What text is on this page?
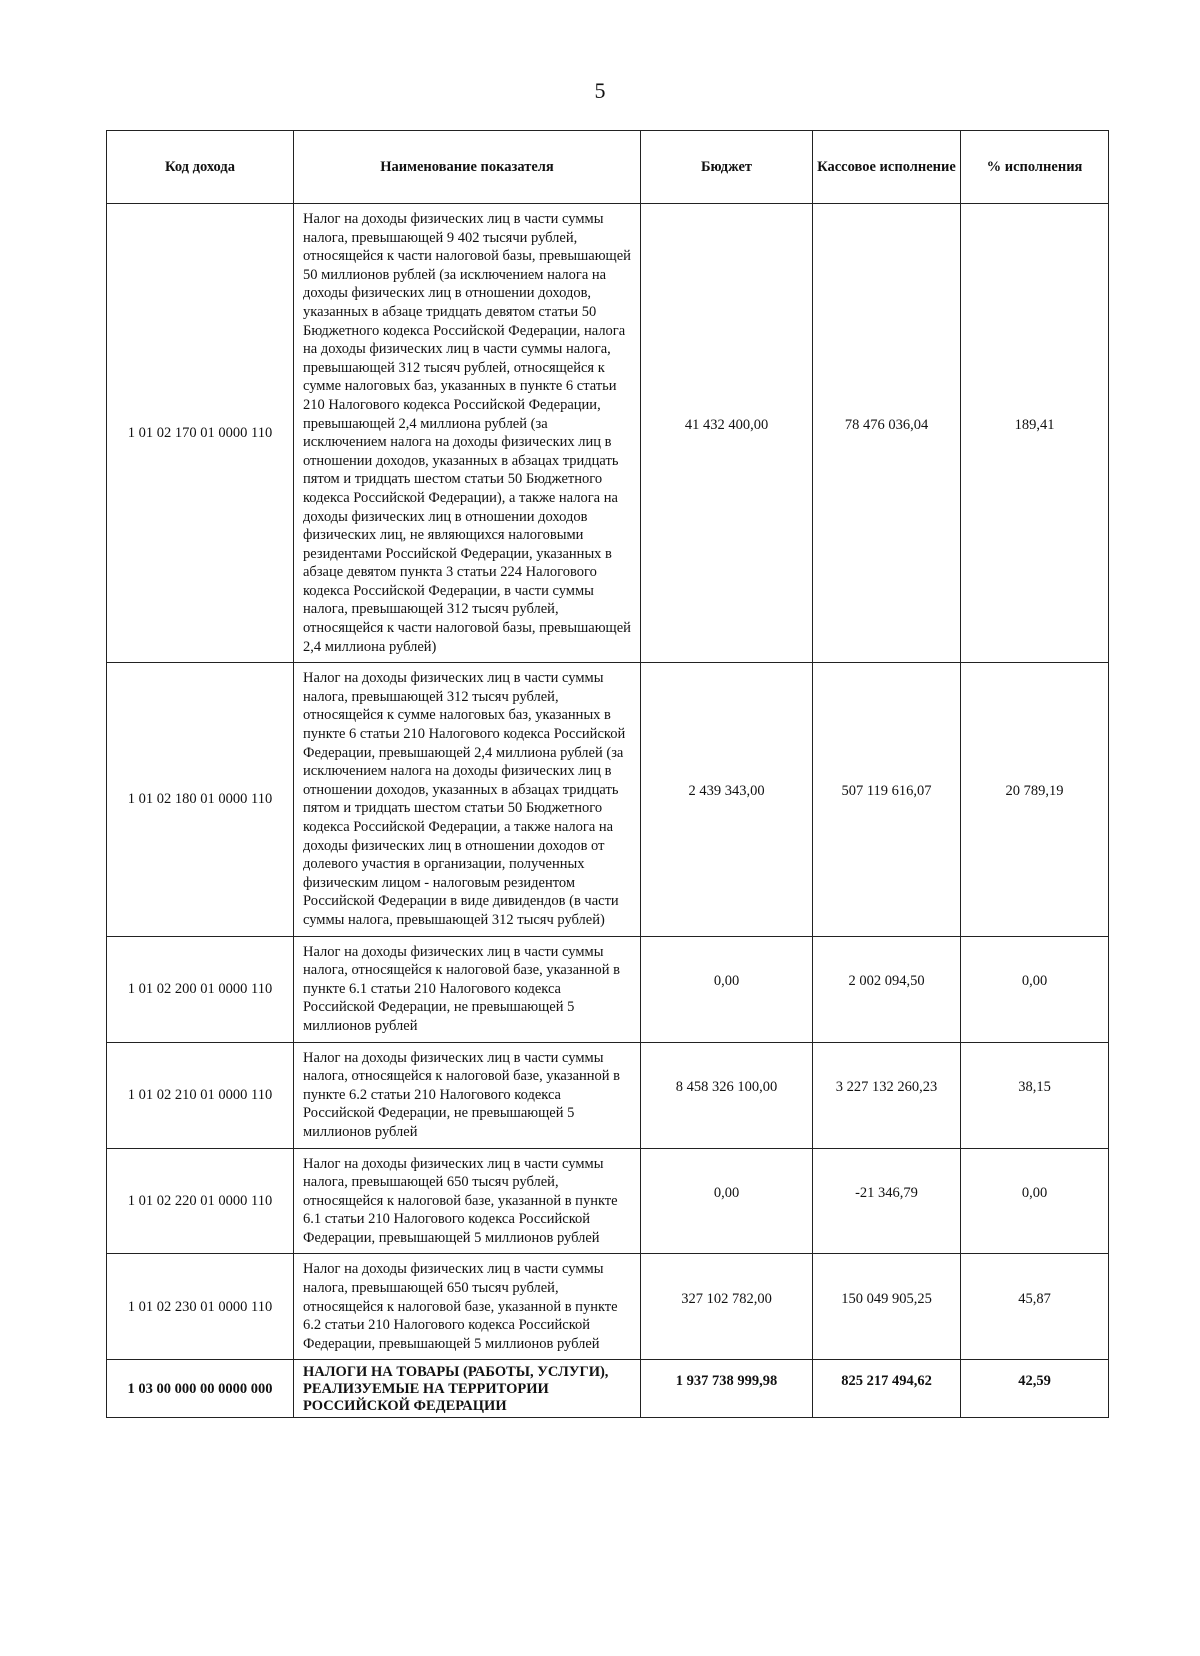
5
Код дохода	Наименование показателя	Бюджет	Кассовое исполнение	% исполнения
1 01 02 170 01 0000 110	Налог на доходы физических лиц в части суммы налога, превышающей 9 402 тысячи рублей, относящейся к части налоговой базы, превышающей 50 миллионов рублей (за исключением налога на доходы физических лиц в отношении доходов, указанных в абзаце тридцать девятом статьи 50 Бюджетного кодекса Российской Федерации, налога на доходы физических лиц в части суммы налога, превышающей 312 тысяч рублей, относящейся к сумме налоговых баз, указанных в пункте 6 статьи 210 Налогового кодекса Российской Федерации, превышающей 2,4 миллиона рублей (за исключением налога на доходы физических лиц в отношении доходов, указанных в абзацах тридцать пятом и тридцать шестом статьи 50 Бюджетного кодекса Российской Федерации), а также налога на доходы физических лиц в отношении доходов физических лиц, не являющихся налоговыми резидентами Российской Федерации, указанных в абзаце девятом пункта 3 статьи 224 Налогового кодекса Российской Федерации, в части суммы налога, превышающей 312 тысяч рублей, относящейся к части налоговой базы, превышающей 2,4 миллиона рублей)	41 432 400,00	78 476 036,04	189,41
1 01 02 180 01 0000 110	Налог на доходы физических лиц в части суммы налога, превышающей 312 тысяч рублей, относящейся к сумме налоговых баз, указанных в пункте 6 статьи 210 Налогового кодекса Российской Федерации, превышающей 2,4 миллиона рублей (за исключением налога на доходы физических лиц в отношении доходов, указанных в абзацах тридцать пятом и тридцать шестом статьи 50 Бюджетного кодекса Российской Федерации, а также налога на доходы физических лиц в отношении доходов от долевого участия в организации, полученных физическим лицом - налоговым резидентом Российской Федерации в виде дивидендов (в части суммы налога, превышающей 312 тысяч рублей)	2 439 343,00	507 119 616,07	20 789,19
1 01 02 200 01 0000 110	Налог на доходы физических лиц в части суммы налога, относящейся к налоговой базе, указанной в пункте 6.1 статьи 210 Налогового кодекса Российской Федерации, не превышающей 5 миллионов рублей	0,00	2 002 094,50	0,00
1 01 02 210 01 0000 110	Налог на доходы физических лиц в части суммы налога, относящейся к налоговой базе, указанной в пункте 6.2 статьи 210 Налогового кодекса Российской Федерации, не превышающей 5 миллионов рублей	8 458 326 100,00	3 227 132 260,23	38,15
1 01 02 220 01 0000 110	Налог на доходы физических лиц в части суммы налога, превышающей 650 тысяч рублей, относящейся к налоговой базе, указанной в пункте 6.1 статьи 210 Налогового кодекса Российской Федерации, превышающей 5 миллионов рублей	0,00	-21 346,79	0,00
1 01 02 230 01 0000 110	Налог на доходы физических лиц в части суммы налога, превышающей 650 тысяч рублей, относящейся к налоговой базе, указанной в пункте 6.2 статьи 210 Налогового кодекса Российской Федерации, превышающей 5 миллионов рублей	327 102 782,00	150 049 905,25	45,87
1 03 00 000 00 0000 000	НАЛОГИ НА ТОВАРЫ (РАБОТЫ, УСЛУГИ), РЕАЛИЗУЕМЫЕ НА ТЕРРИТОРИИ РОССИЙСКОЙ ФЕДЕРАЦИИ	1 937 738 999,98	825 217 494,62	42,59
